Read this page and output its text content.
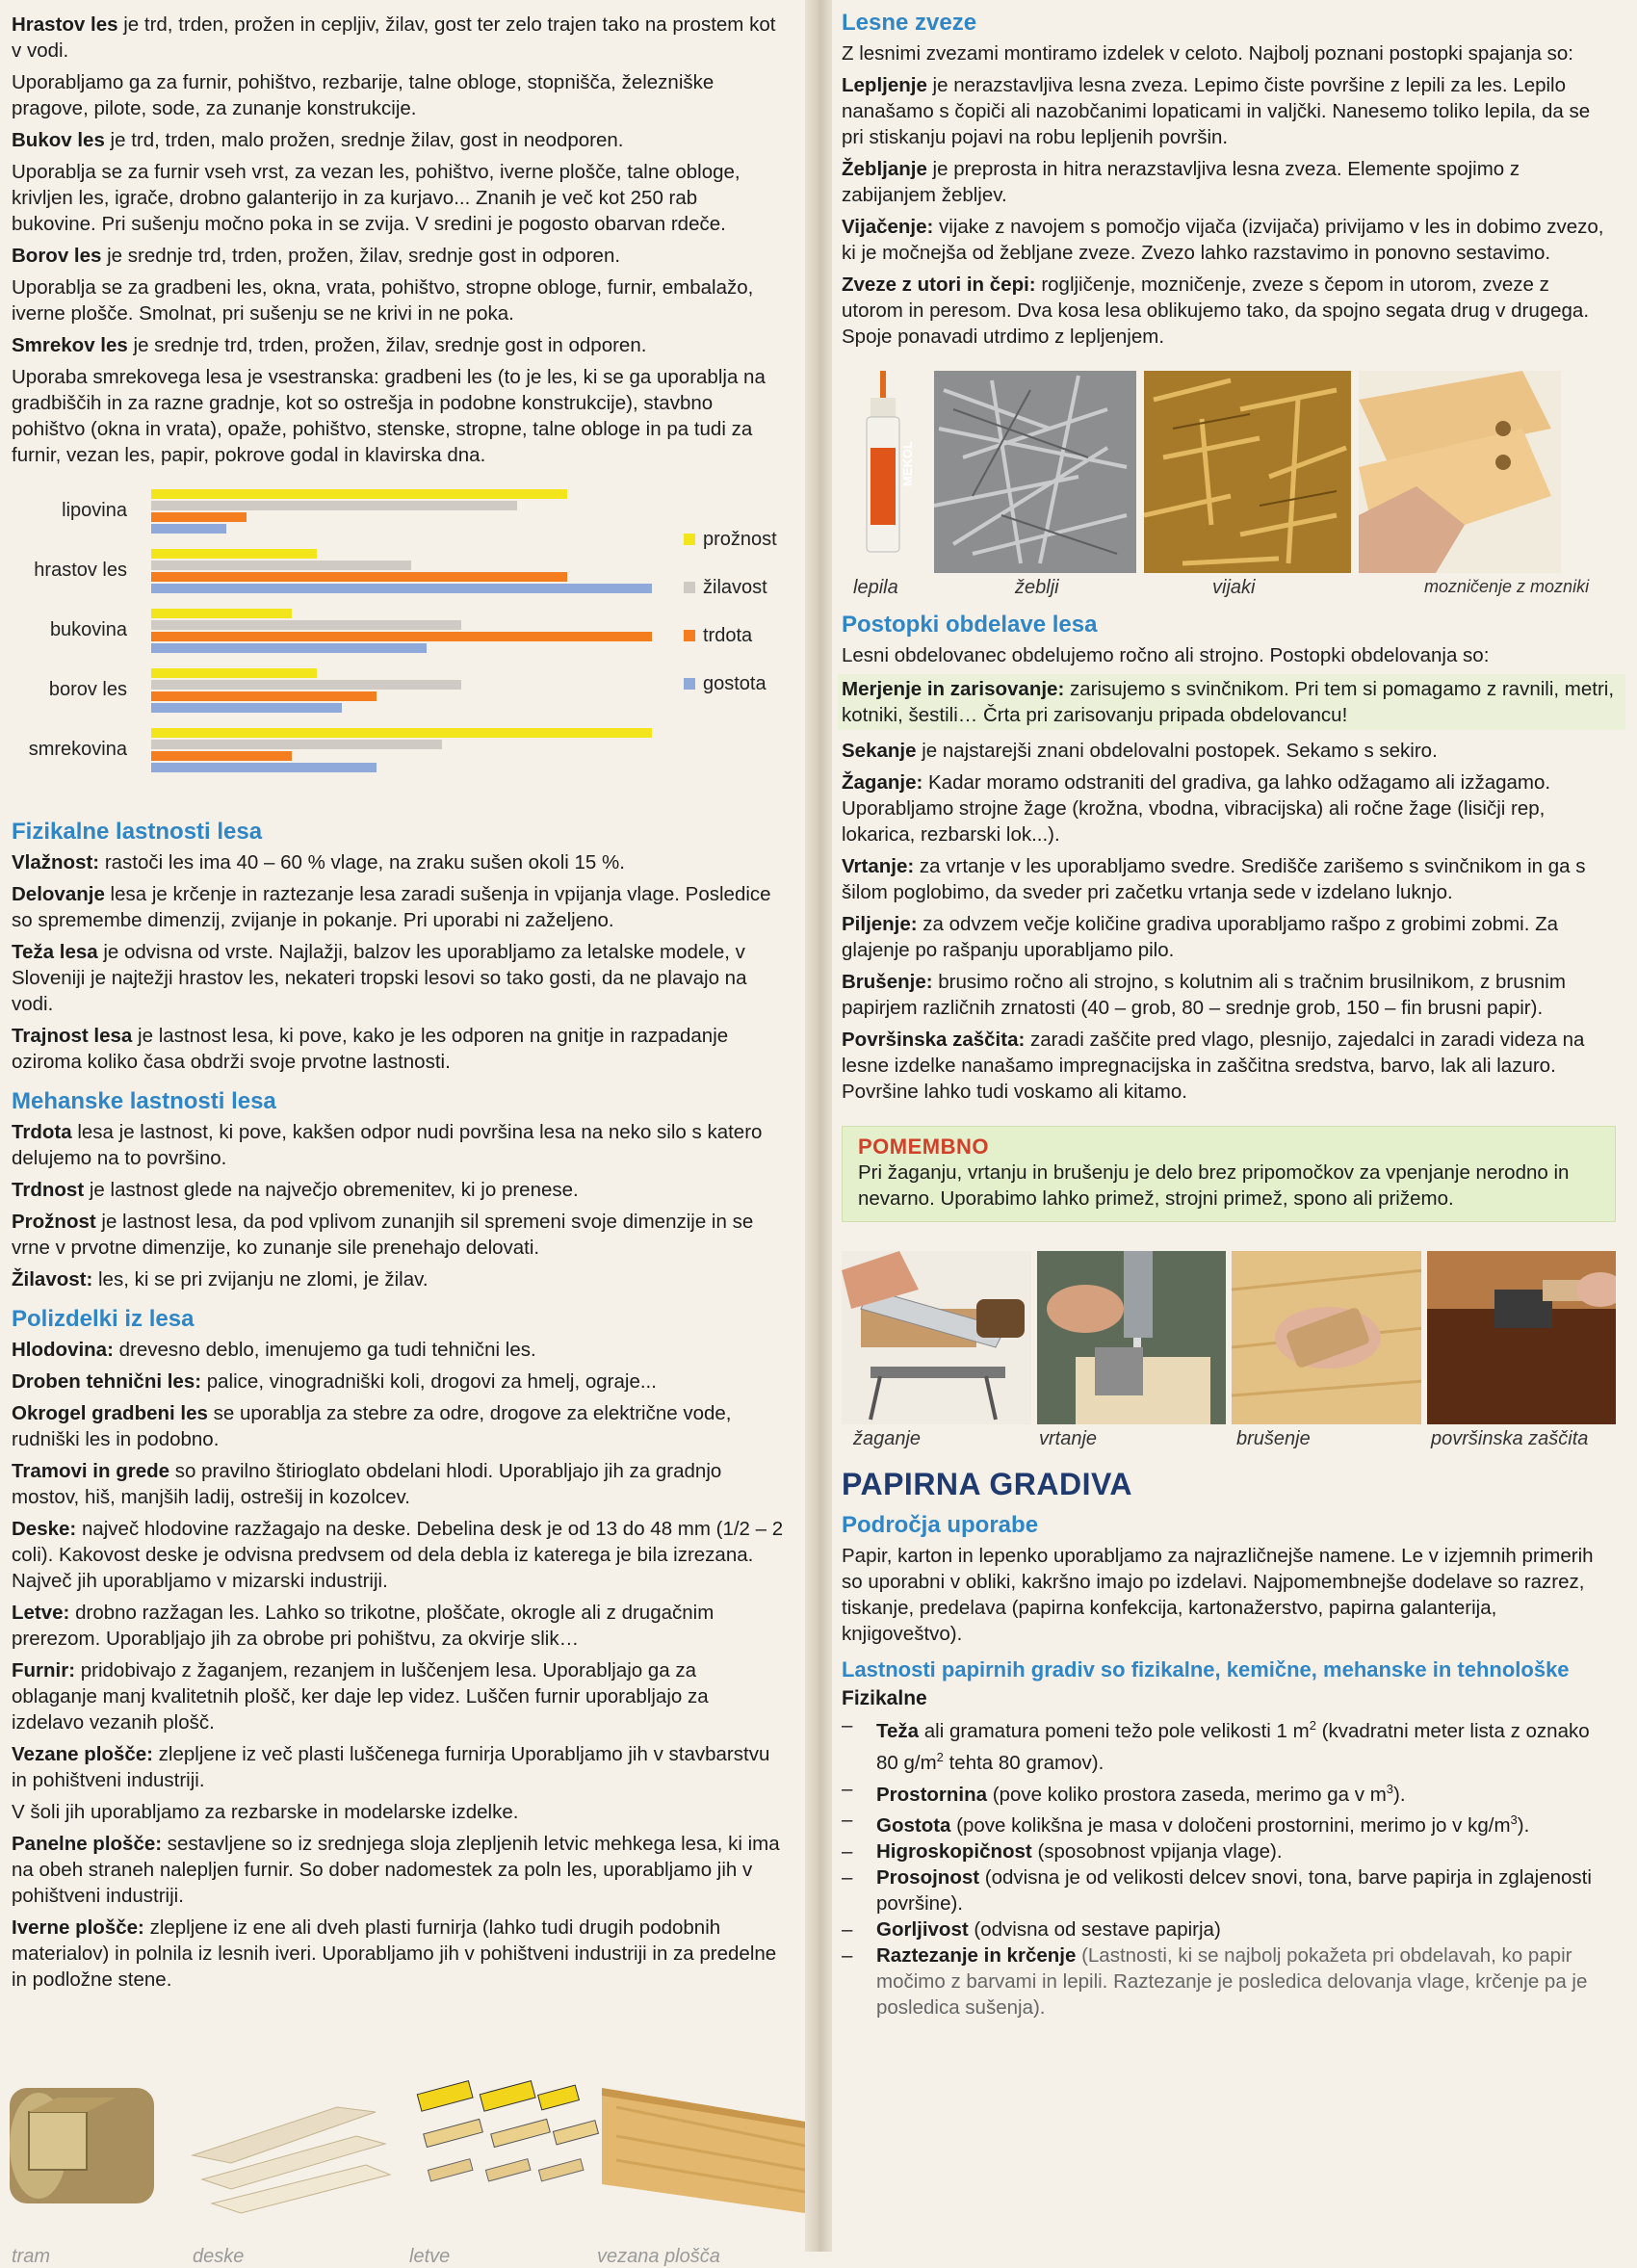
Hrastov les je trd, trden, prožen in cepljiv, žilav, gost ter zelo trajen tako na prostem kot v vodi.

Uporabljamo ga za furnir, pohištvo, rezbarije, talne obloge, stopnišča, železniške pragove, pilote, sode, za zunanje konstrukcije.

Bukov les je trd, trden, malo prožen, srednje žilav, gost in neodporen.

Uporablja se za furnir vseh vrst, za vezan les, pohištvo, iverne plošče, talne obloge, krivljen les, igrače, drobno galanterijo in za kurjavo... Znanih je več kot 250 rab bukovine. Pri sušenju močno poka in se zvija. V sredini je pogosto obarvan rdeče.

Borov les je srednje trd, trden, prožen, žilav, srednje gost in odporen.

Uporablja se za gradbeni les, okna, vrata, pohištvo, stropne obloge, furnir, embalažo, iverne plošče. Smolnat, pri sušenju se ne krivi in ne poka.

Smrekov les je srednje trd, trden, prožen, žilav, srednje gost in odporen.

Uporaba smrekovega lesa je vsestranska: gradbeni les (to je les, ki se ga uporablja na gradbiščih in za razne gradnje, kot so ostrešja in podobne konstrukcije), stavbno pohištvo (okna in vrata), opaže, pohištvo, stenske, stropne, talne obloge in pa tudi za furnir, vezan les, papir, pokrove godal in klavirska dna.

lipovina
hrastov les
bukovina
borov les
smrekovina
prožnost
žilavost
trdota
gostota
Fizikalne lastnosti lesa

Vlažnost: rastoči les ima 40 – 60 % vlage, na zraku sušen okoli 15 %.

Delovanje lesa je krčenje in raztezanje lesa zaradi sušenja in vpijanja vlage. Posledice so spremembe dimenzij, zvijanje in pokanje. Pri uporabi ni zaželjeno.

Teža lesa je odvisna od vrste. Najlažji, balzov les uporabljamo za letalske modele, v Sloveniji je najtežji hrastov les, nekateri tropski lesovi so tako gosti, da ne plavajo na vodi.

Trajnost lesa je lastnost lesa, ki pove, kako je les odporen na gnitje in razpadanje oziroma koliko časa obdrži svoje prvotne lastnosti.

Mehanske lastnosti lesa

Trdota lesa je lastnost, ki pove, kakšen odpor nudi površina lesa na neko silo s katero delujemo na to površino.

Trdnost je lastnost glede na največjo obremenitev, ki jo prenese.

Prožnost je lastnost lesa, da pod vplivom zunanjih sil spremeni svoje dimenzije in se vrne v prvotne dimenzije, ko zunanje sile prenehajo delovati.

Žilavost: les, ki se pri zvijanju ne zlomi, je žilav.

Polizdelki iz lesa

Hlodovina: drevesno deblo, imenujemo ga tudi tehnični les.

Droben tehnični les: palice, vinogradniški koli, drogovi za hmelj, ograje...

Okrogel gradbeni les se uporablja za stebre za odre, drogove za električne vode, rudniški les in podobno.

Tramovi in grede so pravilno štirioglato obdelani hlodi. Uporabljajo jih za gradnjo mostov, hiš, manjših ladij, ostrešij in kozolcev.

Deske: največ hlodovine razžagajo na deske. Debelina desk je od 13 do 48 mm (1/2 – 2 coli). Kakovost deske je odvisna predvsem od dela debla iz katerega je bila izrezana. Največ jih uporabljamo v mizarski industriji.

Letve: drobno razžagan les. Lahko so trikotne, ploščate, okrogle ali z drugačnim prerezom. Uporabljajo jih za obrobe pri pohištvu, za okvirje slik…

Furnir: pridobivajo z žaganjem, rezanjem in luščenjem lesa. Uporabljajo ga za oblaganje manj kvalitetnih plošč, ker daje lep videz. Luščen furnir uporabljajo za izdelavo vezanih plošč.

Vezane plošče: zlepljene iz več plasti luščenega furnirja Uporabljamo jih v stavbarstvu in pohištveni industriji.

V šoli jih uporabljamo za rezbarske in modelarske izdelke.

Panelne plošče: sestavljene so iz srednjega sloja zlepljenih letvic mehkega lesa, ki ima na obeh straneh nalepljen furnir. So dober nadomestek za poln les, uporabljamo jih v pohištveni industriji.

Iverne plošče: zlepljene iz ene ali dveh plasti furnirja (lahko tudi drugih podobnih materialov) in polnila iz lesnih iveri. Uporabljamo jih v pohištveni industriji in za predelne in podložne stene.

tram	deske	letve	vezana plošča
Lesne zveze

Z lesnimi zvezami montiramo izdelek v celoto. Najbolj poznani postopki spajanja so:

Lepljenje je nerazstavljiva lesna zveza. Lepimo čiste površine z lepili za les. Lepilo nanašamo s čopiči ali nazobčanimi lopaticami in valjčki. Nanesemo toliko lepila, da se pri stiskanju pojavi na robu lepljenih površin.

Žebljanje je preprosta in hitra nerazstavljiva lesna zveza. Elemente spojimo z zabijanjem žebljev.

Vijačenje: vijake z navojem s pomočjo vijača (izvijača) privijamo v les in dobimo zvezo, ki je močnejša od žebljane zveze. Zvezo lahko razstavimo in ponovno sestavimo.

Zveze z utori in čepi: rogljičenje, mozničenje, zveze s čepom in utorom, zveze z utorom in peresom. Dva kosa lesa oblikujemo tako, da spojno segata drug v drugega. Spoje ponavadi utrdimo z lepljenjem.

MEKOL
lepila	žeblji	vijaki	mozničenje z mozniki
Postopki obdelave lesa

Lesni obdelovanec obdelujemo ročno ali strojno. Postopki obdelovanja so:

Merjenje in zarisovanje: zarisujemo s svinčnikom. Pri tem si pomagamo z ravnili, metri, kotniki, šestili… Črta pri zarisovanju pripada obdelovancu!

Sekanje je najstarejši znani obdelovalni postopek. Sekamo s sekiro.

Žaganje: Kadar moramo odstraniti del gradiva, ga lahko odžagamo ali izžagamo. Uporabljamo strojne žage (krožna, vbodna, vibracijska) ali ročne žage (lisičji rep, lokarica, rezbarski lok...).

Vrtanje: za vrtanje v les uporabljamo svedre. Središče zarišemo s svinčnikom in ga s šilom poglobimo, da sveder pri začetku vrtanja sede v izdelano luknjo.

Piljenje: za odvzem večje količine gradiva uporabljamo rašpo z grobimi zobmi. Za glajenje po rašpanju uporabljamo pilo.

Brušenje: brusimo ročno ali strojno, s kolutnim ali s tračnim brusilnikom, z brusnim papirjem različnih zrnatosti (40 – grob, 80 – srednje grob, 150 – fin brusni papir).

Površinska zaščita: zaradi zaščite pred vlago, plesnijo, zajedalci in zaradi videza na lesne izdelke nanašamo impregnacijska in zaščitna sredstva, barvo, lak ali lazuro. Površine lahko tudi voskamo ali kitamo.

POMEMBNO

Pri žaganju, vrtanju in brušenju je delo brez pripomočkov za vpenjanje nerodno in nevarno. Uporabimo lahko primež, strojni primež, spono ali prižemo.

žaganje	vrtanje	brušenje	površinska zaščita
PAPIRNA GRADIVA
Področja uporabe

Papir, karton in lepenko uporabljamo za najrazličnejše namene. Le v izjemnih primerih so uporabni v obliki, kakršno imajo po izdelavi. Najpomembnejše dodelave so razrez, tiskanje, predelava (papirna konfekcija, kartonažerstvo, papirna galanterija, knjigoveštvo).

Lastnosti papirnih gradiv so fizikalne, kemične, mehanske in tehnološke
Fizikalne
– Teža ali gramatura pomeni težo pole velikosti 1 $m^2$ (kvadratni meter lista z oznako 80 $g/m^2$ tehta 80 gramov).
– Prostornina (pove koliko prostora zaseda, merimo ga v $m^3$).
– Gostota (pove kolikšna je masa v določeni prostornini, merimo jo v $kg/m^3$).
– Higroskopičnost (sposobnost vpijanja vlage).
– Prosojnost (odvisna je od velikosti delcev snovi, tona, barve papirja in zglajenosti površine).
– Gorljivost (odvisna od sestave papirja)
– Raztezanje in krčenje (Lastnosti, ki se najbolj pokažeta pri obdelavah, ko papir močimo z barvami in lepili. Raztezanje je posledica delovanja vlage, krčenje pa je posledica sušenja).
